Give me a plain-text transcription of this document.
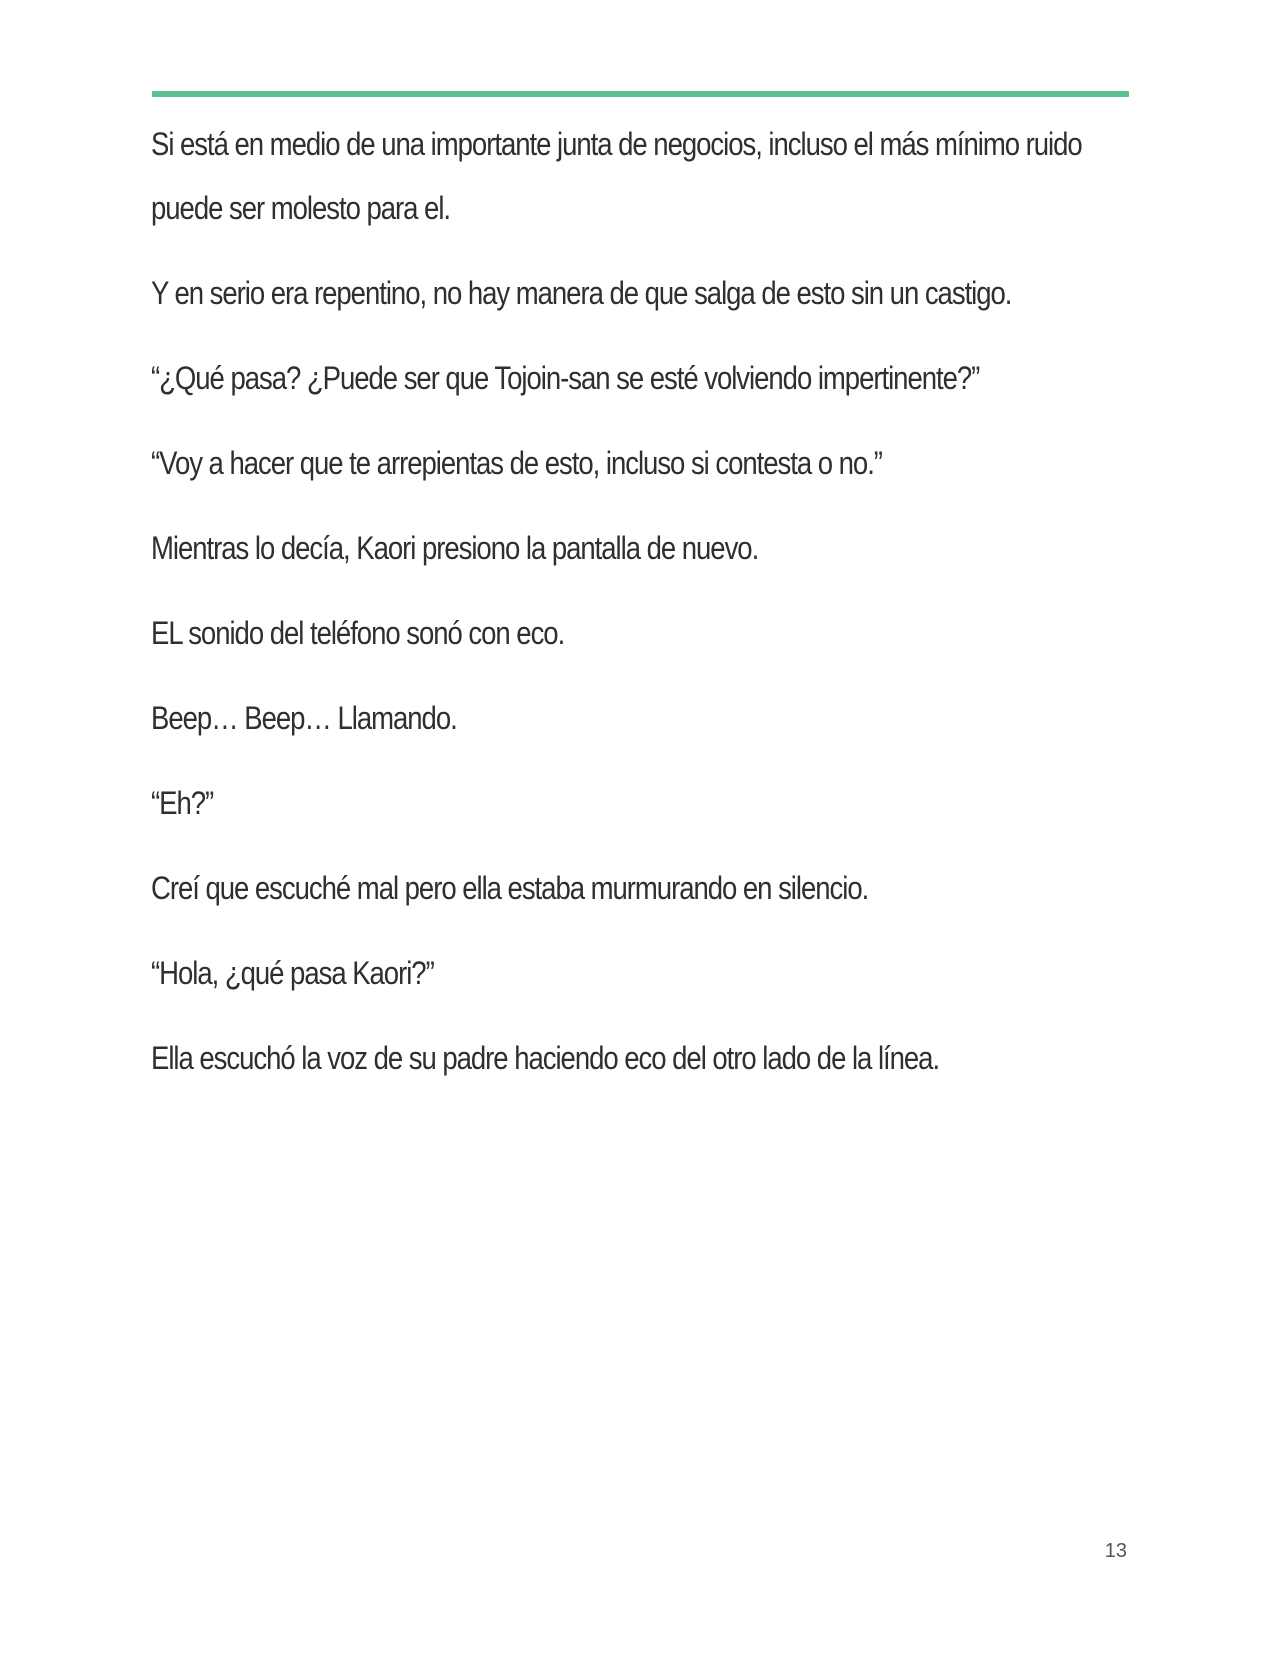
Si está en medio de una importante junta de negocios, incluso el más mínimo ruido puede ser molesto para el.

Y en serio era repentino, no hay manera de que salga de esto sin un castigo.

“¿Qué pasa? ¿Puede ser que Tojoin-san se esté volviendo impertinente?”

“Voy a hacer que te arrepientas de esto, incluso si contesta o no.”

Mientras lo decía, Kaori presiono la pantalla de nuevo.

EL sonido del teléfono sonó con eco.

Beep… Beep… Llamando.

“Eh?”

Creí que escuché mal pero ella estaba murmurando en silencio.

“Hola, ¿qué pasa Kaori?”

Ella escuchó la voz de su padre haciendo eco del otro lado de la línea.

13
